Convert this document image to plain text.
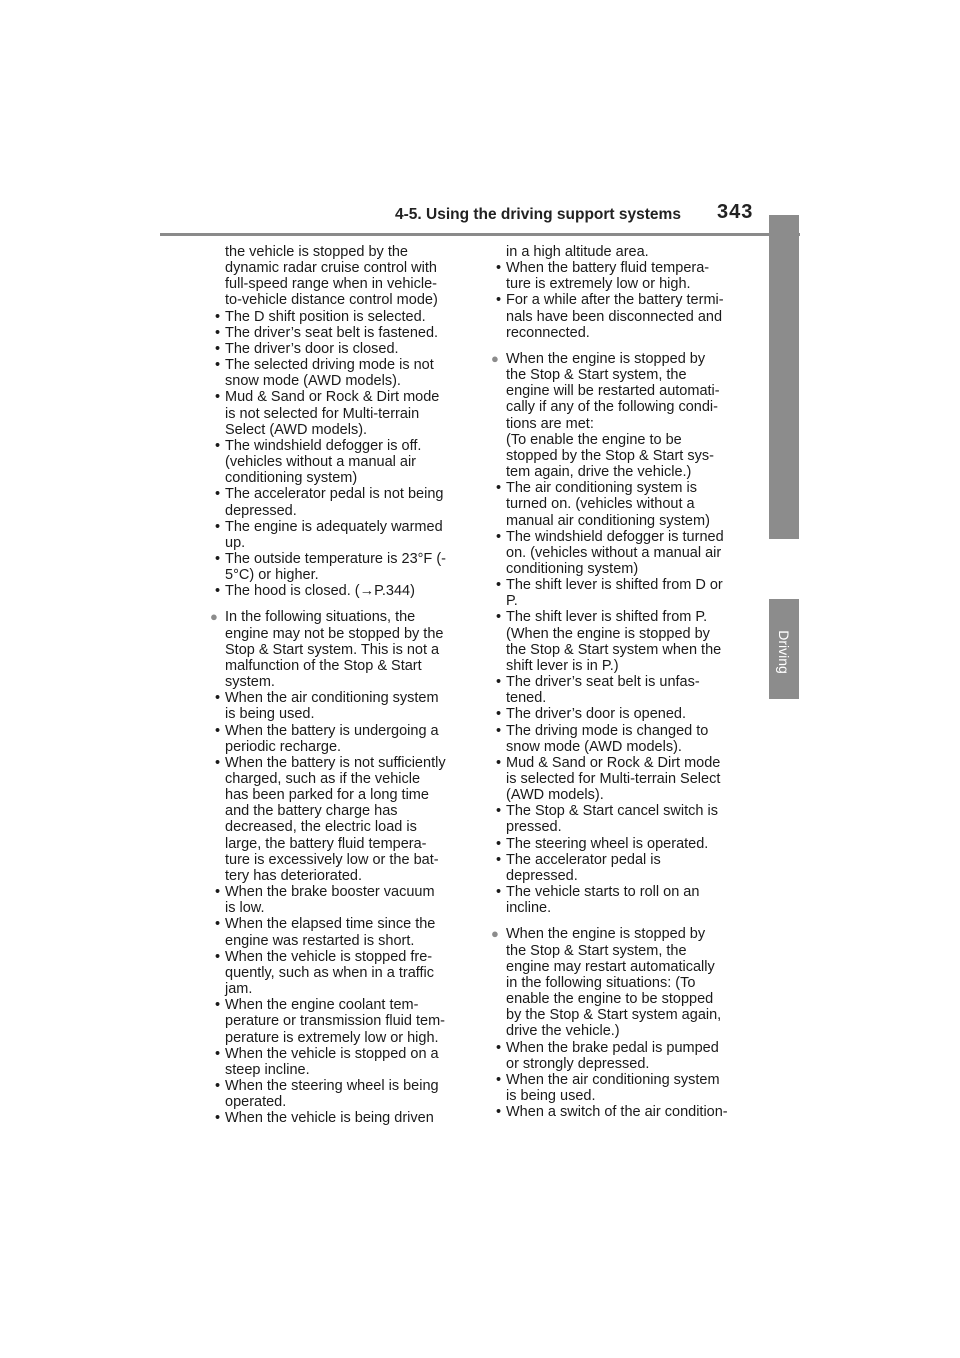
4-5. Using the driving support systems 343
4
Driving

the vehicle is stopped by the
dynamic radar cruise control with
full-speed range when in vehicle-
to-vehicle distance control mode)

• The D shift position is selected.

• The driver’s seat belt is fastened.

• The driver’s door is closed.

• The selected driving mode is not
snow mode (AWD models).

• Mud & Sand or Rock & Dirt mode
is not selected for Multi-terrain
Select (AWD models).

• The windshield defogger is off.
(vehicles without a manual air
conditioning system)

• The accelerator pedal is not being
depressed.

• The engine is adequately warmed
up.

• The outside temperature is 23°F (-
5°C) or higher.

• The hood is closed. (→P.344)

● In the following situations, the
engine may not be stopped by the
Stop & Start system. This is not a
malfunction of the Stop & Start
system.

• When the air conditioning system
is being used.

• When the battery is undergoing a
periodic recharge.

• When the battery is not sufficiently
charged, such as if the vehicle
has been parked for a long time
and the battery charge has
decreased, the electric load is
large, the battery fluid tempera-
ture is excessively low or the bat-
tery has deteriorated.

• When the brake booster vacuum
is low.

• When the elapsed time since the
engine was restarted is short.

• When the vehicle is stopped fre-
quently, such as when in a traffic
jam.

• When the engine coolant tem-
perature or transmission fluid tem-
perature is extremely low or high.

• When the vehicle is stopped on a
steep incline.

• When the steering wheel is being
operated.

• When the vehicle is being driven

in a high altitude area.

• When the battery fluid tempera-
ture is extremely low or high.

• For a while after the battery termi-
nals have been disconnected and
reconnected.

● When the engine is stopped by
the Stop & Start system, the
engine will be restarted automati-
cally if any of the following condi-
tions are met:
(To enable the engine to be
stopped by the Stop & Start sys-
tem again, drive the vehicle.)

• The air conditioning system is
turned on. (vehicles without a
manual air conditioning system)

• The windshield defogger is turned
on. (vehicles without a manual air
conditioning system)

• The shift lever is shifted from D or
P.

• The shift lever is shifted from P.
(When the engine is stopped by
the Stop & Start system when the
shift lever is in P.)

• The driver’s seat belt is unfas-
tened.

• The driver’s door is opened.

• The driving mode is changed to
snow mode (AWD models).

• Mud & Sand or Rock & Dirt mode
is selected for Multi-terrain Select
(AWD models).

• The Stop & Start cancel switch is
pressed.

• The steering wheel is operated.

• The accelerator pedal is
depressed.

• The vehicle starts to roll on an
incline.

● When the engine is stopped by
the Stop & Start system, the
engine may restart automatically
in the following situations: (To
enable the engine to be stopped
by the Stop & Start system again,
drive the vehicle.)

• When the brake pedal is pumped
or strongly depressed.

• When the air conditioning system
is being used.

• When a switch of the air condition-
